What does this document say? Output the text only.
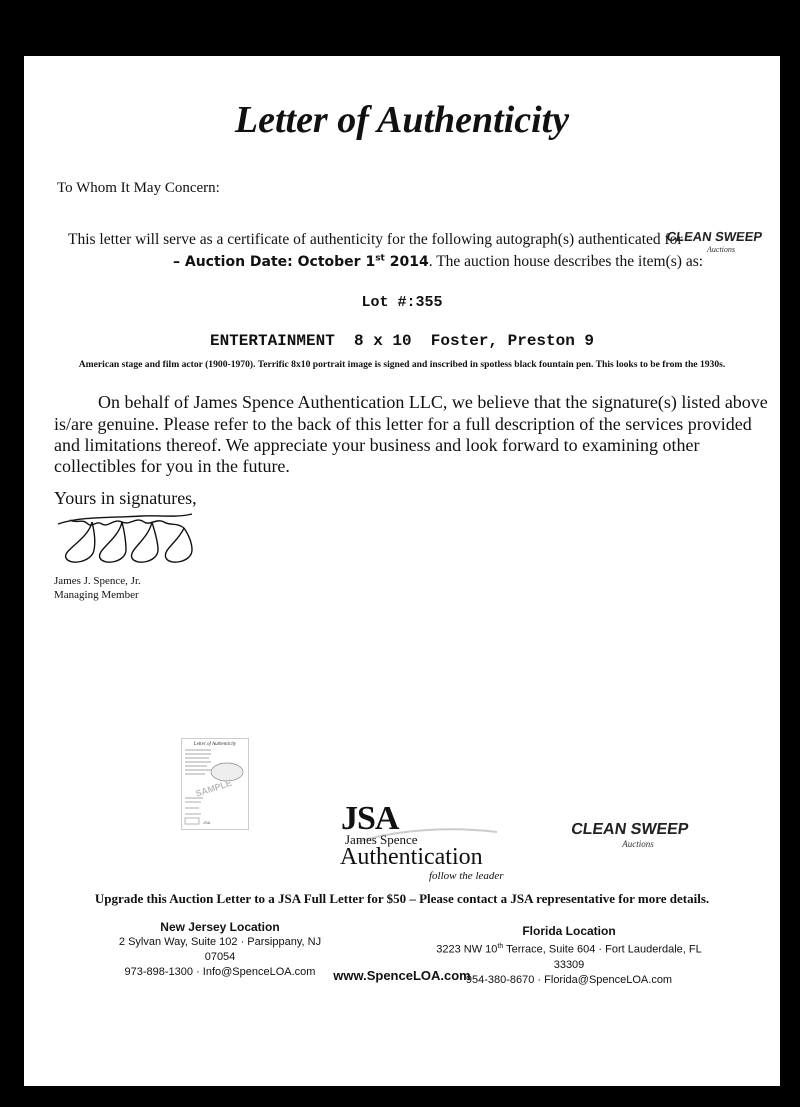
Letter of Authenticity
To Whom It May Concern:
This letter will serve as a certificate of authenticity for the following autograph(s) authenticated for
– Auction Date: October 1st 2014. The auction house describes the item(s) as:
CLEAN SWEEP
Auctions
Lot #:355
ENTERTAINMENT  8 x 10  Foster, Preston 9
American stage and film actor (1900-1970). Terrific 8x10 portrait image is signed and inscribed in spotless black fountain pen. This looks to be from the 1930s.
On behalf of James Spence Authentication LLC, we believe that the signature(s) listed above
is/are genuine. Please refer to the back of this letter for a full description of the services provided
and limitations thereof. We appreciate your business and look forward to examining other
collectibles for you in the future.
Yours in signatures,
James J. Spence, Jr.
Managing Member
Letter of Authenticity
SAMPLE
JSA	JSA
James Spence
Authentication
follow the leader
CLEAN SWEEP
Auctions
Upgrade this Auction Letter to a JSA Full Letter for $50 – Please contact a JSA representative for more details.
New Jersey Location
2 Sylvan Way, Suite 102 · Parsippany, NJ 07054
973-898-1300 · Info@SpenceLOA.com
Florida Location
3223 NW 10th Terrace, Suite 604 · Fort Lauderdale, FL 33309
954-380-8670 · Florida@SpenceLOA.com
www.SpenceLOA.com
